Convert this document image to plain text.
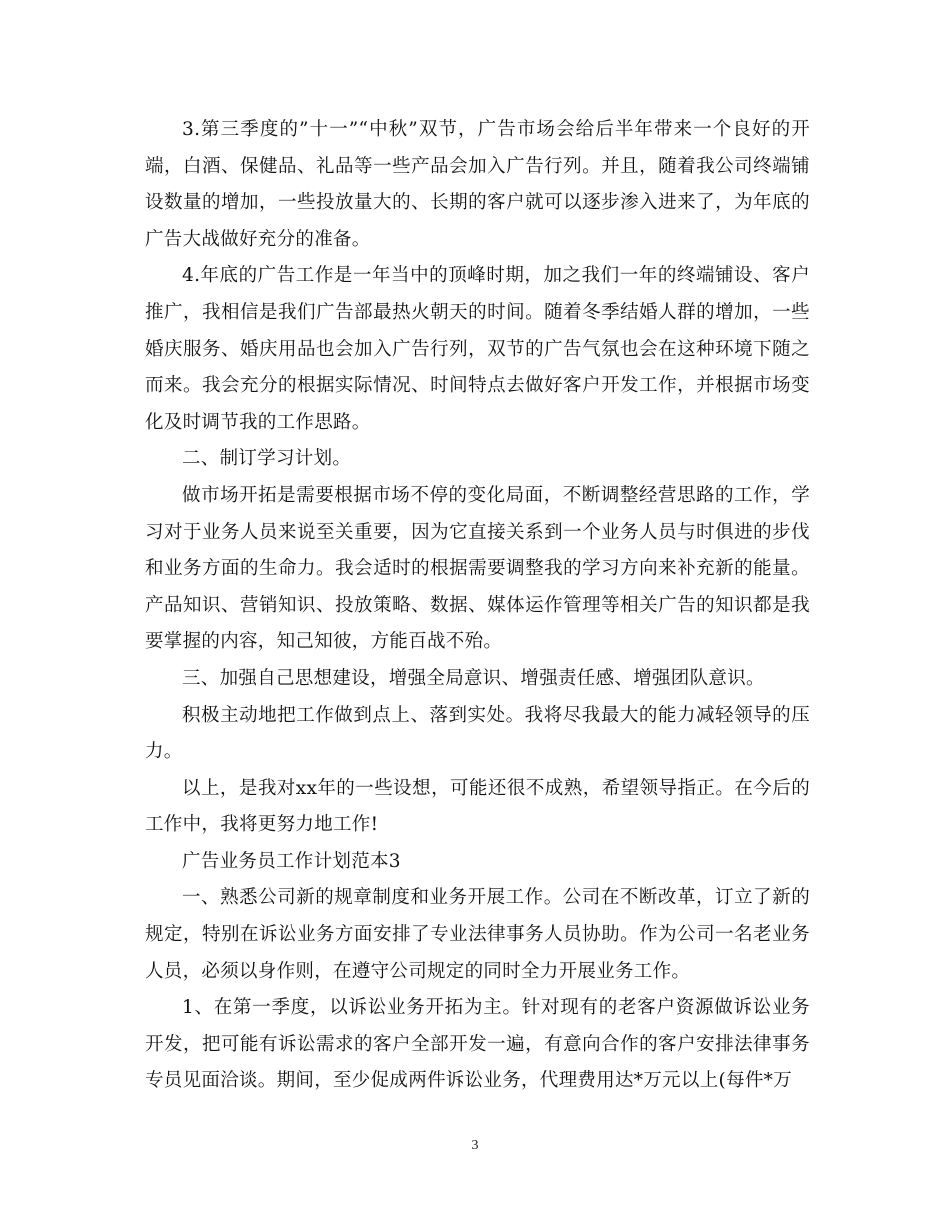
3.第三季度的”十一”“中秋”双节，广告市场会给后半年带来一个良好的开端，白酒、保健品、礼品等一些产品会加入广告行列。并且，随着我公司终端铺设数量的增加，一些投放量大的、长期的客户就可以逐步渗入进来了，为年底的广告大战做好充分的准备。

4.年底的广告工作是一年当中的顶峰时期，加之我们一年的终端铺设、客户推广，我相信是我们广告部最热火朝天的时间。随着冬季结婚人群的增加，一些婚庆服务、婚庆用品也会加入广告行列，双节的广告气氛也会在这种环境下随之而来。我会充分的根据实际情况、时间特点去做好客户开发工作，并根据市场变化及时调节我的工作思路。

二、制订学习计划。

做市场开拓是需要根据市场不停的变化局面，不断调整经营思路的工作，学习对于业务人员来说至关重要，因为它直接关系到一个业务人员与时俱进的步伐和业务方面的生命力。我会适时的根据需要调整我的学习方向来补充新的能量。产品知识、营销知识、投放策略、数据、媒体运作管理等相关广告的知识都是我要掌握的内容，知己知彼，方能百战不殆。

三、加强自己思想建设，增强全局意识、增强责任感、增强团队意识。

积极主动地把工作做到点上、落到实处。我将尽我最大的能力减轻领导的压力。

以上，是我对xx年的一些设想，可能还很不成熟，希望领导指正。在今后的工作中，我将更努力地工作!

广告业务员工作计划范本3

一、熟悉公司新的规章制度和业务开展工作。公司在不断改革，订立了新的规定，特别在诉讼业务方面安排了专业法律事务人员协助。作为公司一名老业务人员，必须以身作则，在遵守公司规定的同时全力开展业务工作。

1、在第一季度，以诉讼业务开拓为主。针对现有的老客户资源做诉讼业务开发，把可能有诉讼需求的客户全部开发一遍，有意向合作的客户安排法律事务专员见面洽谈。期间，至少促成两件诉讼业务，代理费用达*万元以上(每件*万

3
